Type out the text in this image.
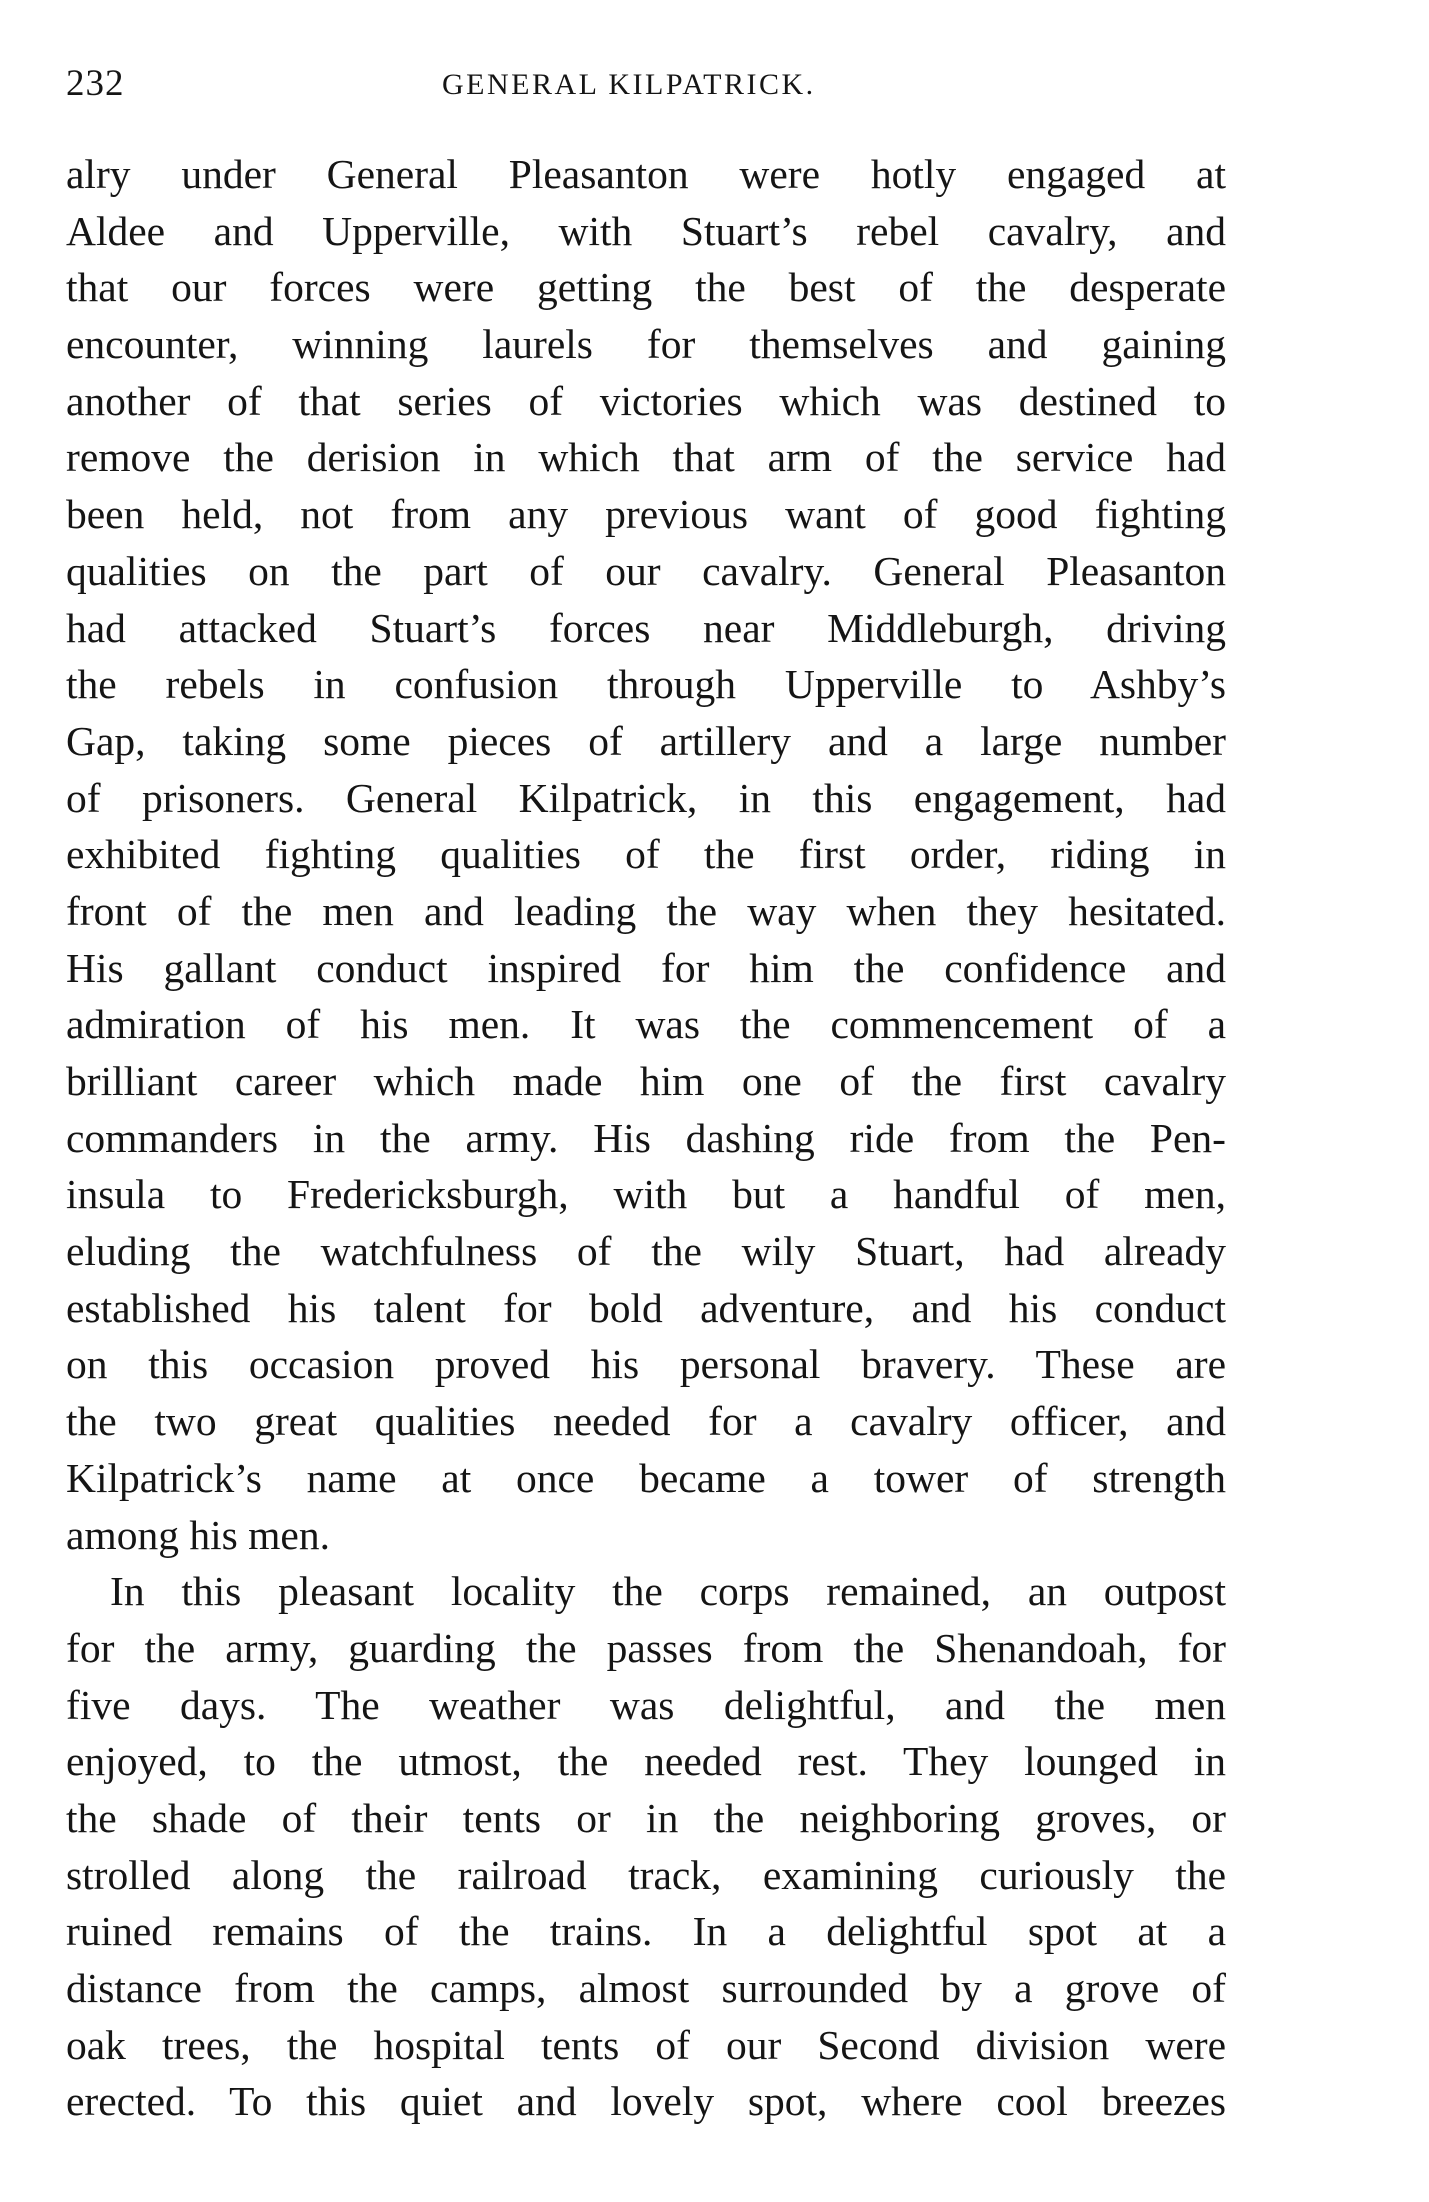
232	GENERAL KILPATRICK.
alry under General Pleasanton were hotly engaged at
Aldee and Upperville, with Stuart’s rebel cavalry, and
that our forces were getting the best of the desperate
encounter, winning laurels for themselves and gaining
another of that series of victories which was destined to
remove the derision in which that arm of the service had
been held, not from any previous want of good fighting
qualities on the part of our cavalry. General Pleasanton
had attacked Stuart’s forces near Middleburgh, driving
the rebels in confusion through Upperville to Ashby’s
Gap, taking some pieces of artillery and a large number
of prisoners. General Kilpatrick, in this engagement, had
exhibited fighting qualities of the first order, riding in
front of the men and leading the way when they hesitated.
His gallant conduct inspired for him the confidence and
admiration of his men. It was the commencement of a
brilliant career which made him one of the first cavalry
commanders in the army. His dashing ride from the Pen-
insula to Fredericksburgh, with but a handful of men,
eluding the watchfulness of the wily Stuart, had already
established his talent for bold adventure, and his conduct
on this occasion proved his personal bravery. These are
the two great qualities needed for a cavalry officer, and
Kilpatrick’s name at once became a tower of strength
among his men.
In this pleasant locality the corps remained, an outpost
for the army, guarding the passes from the Shenandoah, for
five days. The weather was delightful, and the men
enjoyed, to the utmost, the needed rest. They lounged in
the shade of their tents or in the neighboring groves, or
strolled along the railroad track, examining curiously the
ruined remains of the trains. In a delightful spot at a
distance from the camps, almost surrounded by a grove of
oak trees, the hospital tents of our Second division were
erected. To this quiet and lovely spot, where cool breezes
